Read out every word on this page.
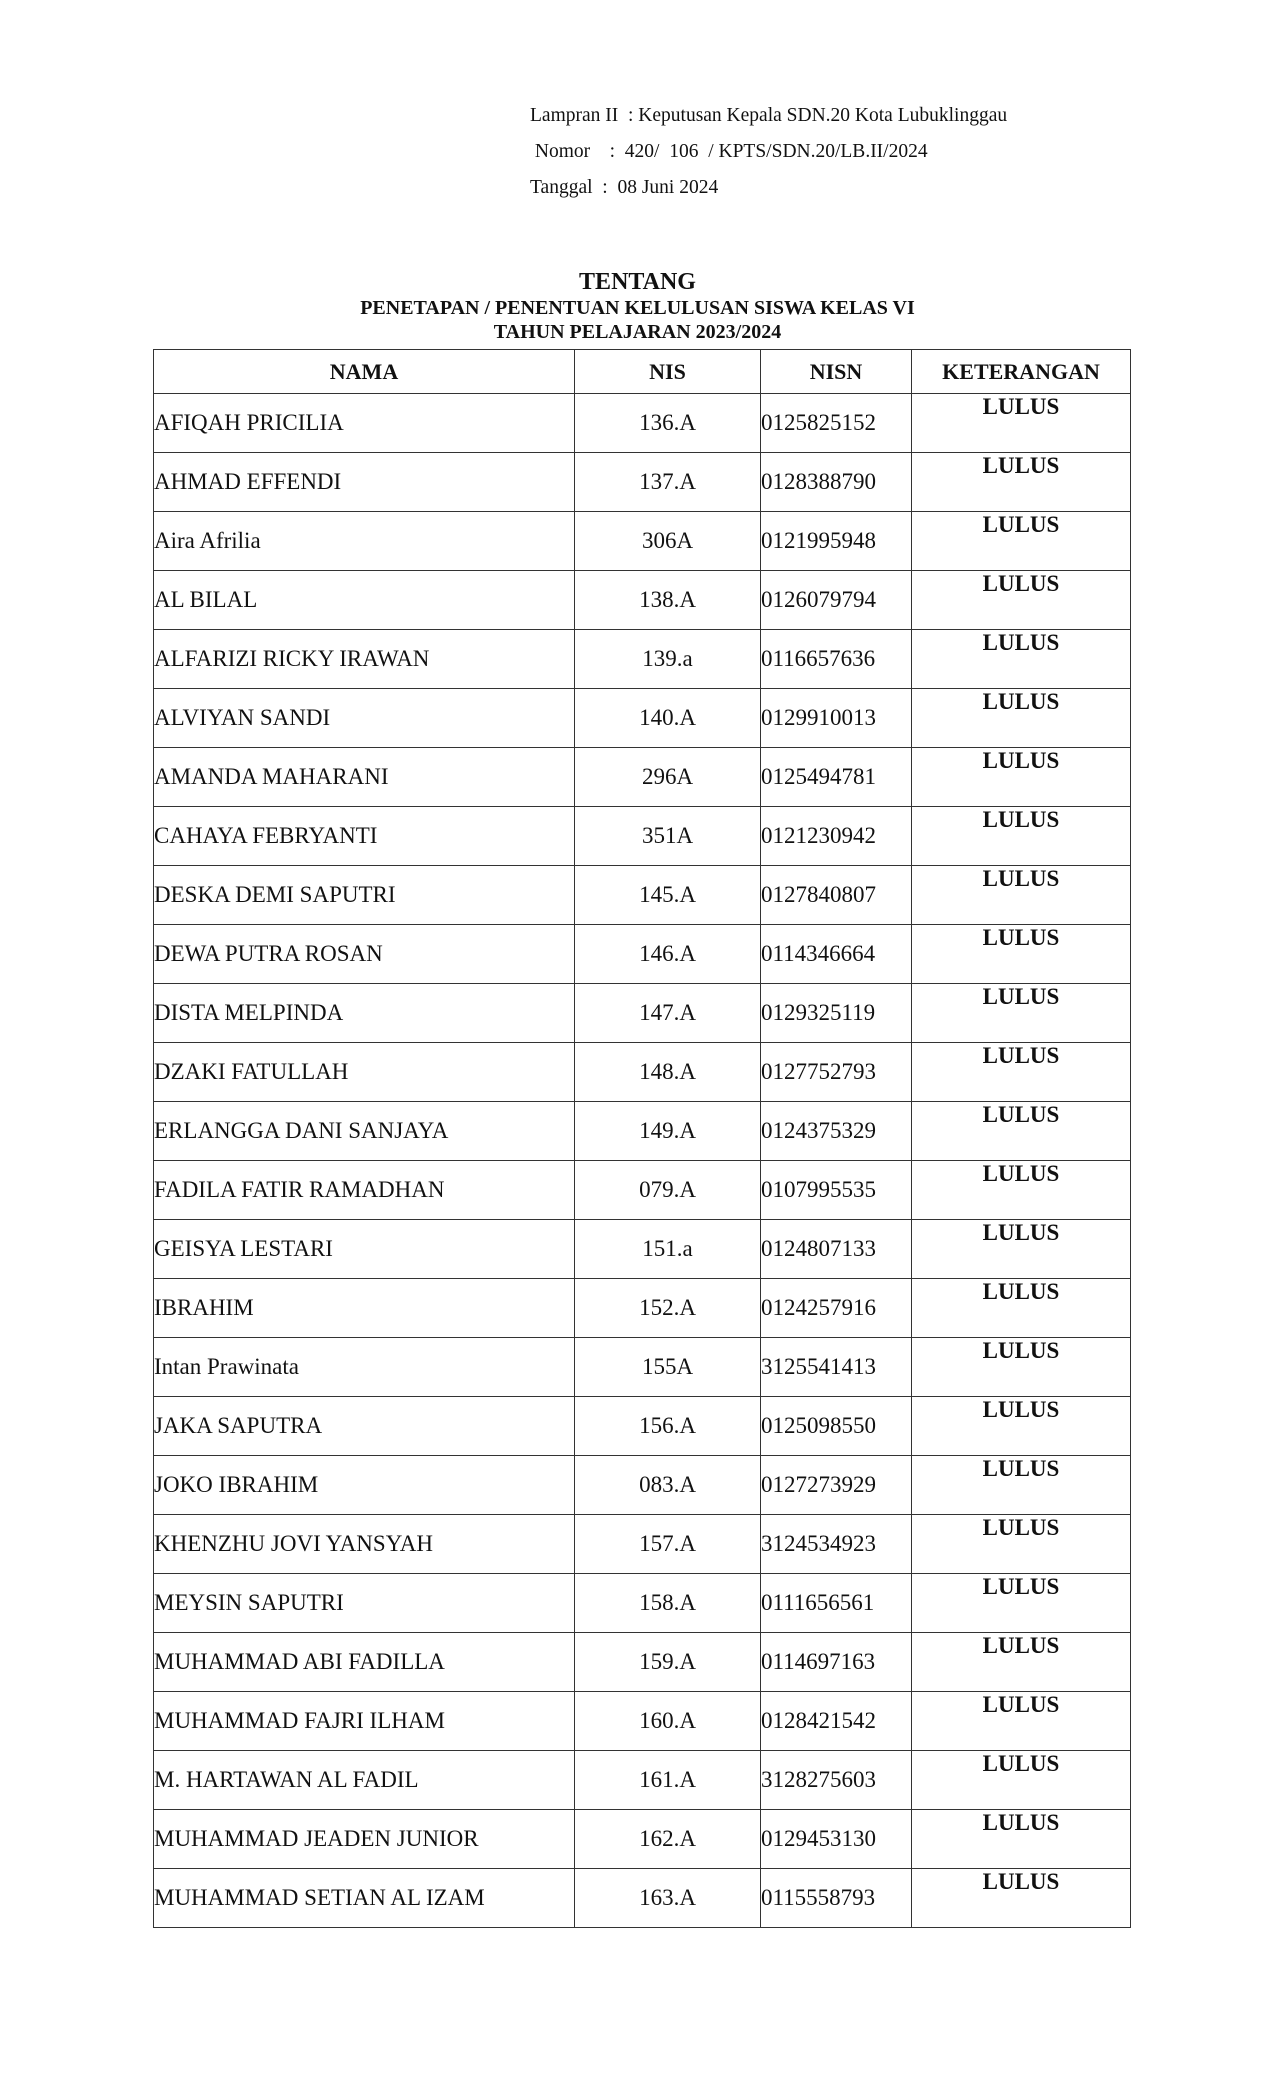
Lampran II  : Keputusan Kepala SDN.20 Kota Lubuklinggau
Nomor    :  420/  106  / KPTS/SDN.20/LB.II/2024
Tanggal  :  08 Juni 2024
TENTANG
PENETAPAN / PENENTUAN KELULUSAN SISWA KELAS VI
TAHUN PELAJARAN 2023/2024
NAMA	NIS	NISN	KETERANGAN
AFIQAH PRICILIA	136.A	0125825152	LULUS
AHMAD EFFENDI	137.A	0128388790	LULUS
Aira Afrilia	306A	0121995948	LULUS
AL BILAL	138.A	0126079794	LULUS
ALFARIZI RICKY IRAWAN	139.a	0116657636	LULUS
ALVIYAN SANDI	140.A	0129910013	LULUS
AMANDA MAHARANI	296A	0125494781	LULUS
CAHAYA FEBRYANTI	351A	0121230942	LULUS
DESKA DEMI SAPUTRI	145.A	0127840807	LULUS
DEWA PUTRA ROSAN	146.A	0114346664	LULUS
DISTA MELPINDA	147.A	0129325119	LULUS
DZAKI FATULLAH	148.A	0127752793	LULUS
ERLANGGA DANI SANJAYA	149.A	0124375329	LULUS
FADILA FATIR RAMADHAN	079.A	0107995535	LULUS
GEISYA LESTARI	151.a	0124807133	LULUS
IBRAHIM	152.A	0124257916	LULUS
Intan Prawinata	155A	3125541413	LULUS
JAKA SAPUTRA	156.A	0125098550	LULUS
JOKO IBRAHIM	083.A	0127273929	LULUS
KHENZHU JOVI YANSYAH	157.A	3124534923	LULUS
MEYSIN SAPUTRI	158.A	0111656561	LULUS
MUHAMMAD ABI FADILLA	159.A	0114697163	LULUS
MUHAMMAD FAJRI ILHAM	160.A	0128421542	LULUS
M. HARTAWAN AL FADIL	161.A	3128275603	LULUS
MUHAMMAD JEADEN JUNIOR	162.A	0129453130	LULUS
MUHAMMAD SETIAN AL IZAM	163.A	0115558793	LULUS
